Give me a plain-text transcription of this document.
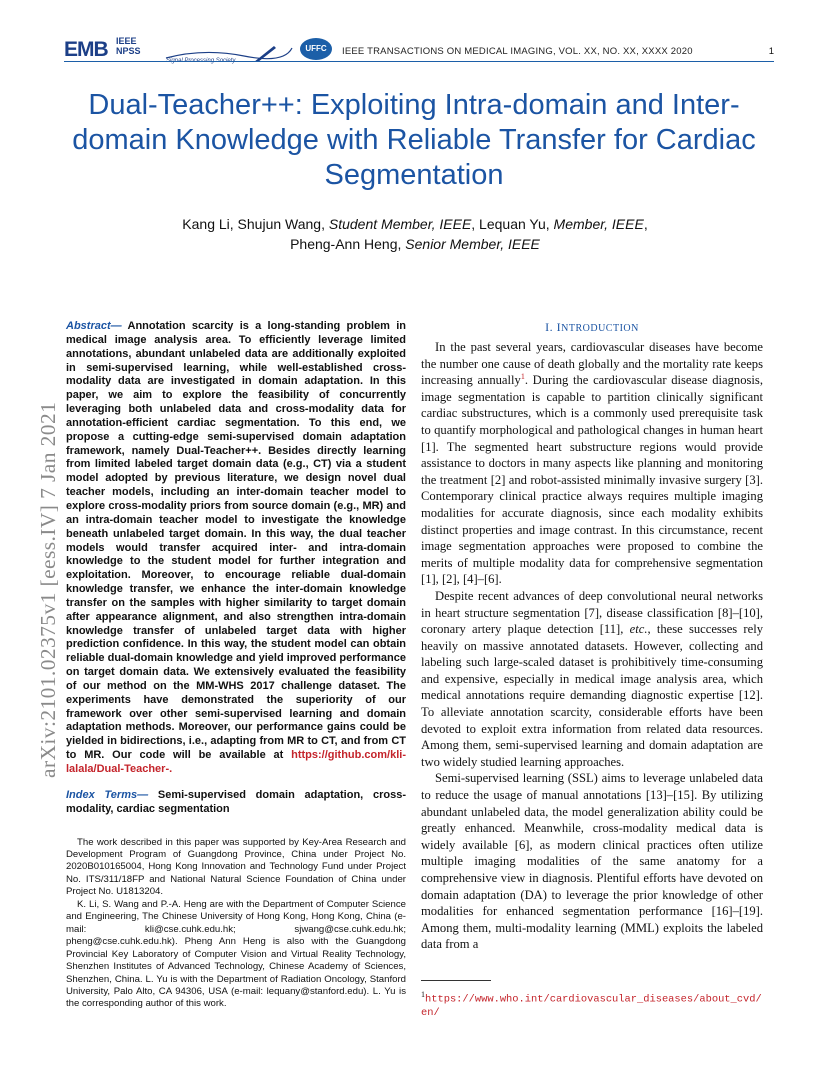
EMB IEEE
NPSS
Signal Processing Society
UFFC	IEEE TRANSACTIONS ON MEDICAL IMAGING, VOL. XX, NO. XX, XXXX 2020	1
Dual-Teacher++: Exploiting Intra-domain and Inter-domain Knowledge with Reliable Transfer for Cardiac Segmentation
Kang Li, Shujun Wang, Student Member, IEEE, Lequan Yu, Member, IEEE,
Pheng-Ann Heng, Senior Member, IEEE
arXiv:2101.02375v1 [eess.IV] 7 Jan 2021

Abstract— Annotation scarcity is a long-standing problem in medical image analysis area. To efficiently leverage limited annotations, abundant unlabeled data are additionally exploited in semi-supervised learning, while well-established cross-modality data are investigated in domain adaptation. In this paper, we aim to explore the feasibility of concurrently leveraging both unlabeled data and cross-modality data for annotation-efficient cardiac segmentation. To this end, we propose a cutting-edge semi-supervised domain adaptation framework, namely Dual-Teacher++. Besides directly learning from limited labeled target domain data (e.g., CT) via a student model adopted by previous literature, we design novel dual teacher models, including an inter-domain teacher model to explore cross-modality priors from source domain (e.g., MR) and an intra-domain teacher model to investigate the knowledge beneath unlabeled target domain. In this way, the dual teacher models would transfer acquired inter- and intra-domain knowledge to the student model for further integration and exploitation. Moreover, to encourage reliable dual-domain knowledge transfer, we enhance the inter-domain knowledge transfer on the samples with higher similarity to target domain after appearance alignment, and also strengthen intra-domain knowledge transfer of unlabeled target data with higher prediction confidence. In this way, the student model can obtain reliable dual-domain knowledge and yield improved performance on target domain data. We extensively evaluated the feasibility of our method on the MM-WHS 2017 challenge dataset. The experiments have demonstrated the superiority of our framework over other semi-supervised learning and domain adaptation methods. Moreover, our performance gains could be yielded in bidirections, i.e., adapting from MR to CT, and from CT to MR. Our code will be available at https://github.com/kli-lalala/Dual-Teacher-.

Index Terms— Semi-supervised domain adaptation, cross-modality, cardiac segmentation

The work described in this paper was supported by Key-Area Research and Development Program of Guangdong Province, China under Project No. 2020B010165004, Hong Kong Innovation and Technology Fund under Project No. ITS/311/18FP and National Natural Science Foundation of China under Project No. U1813204.

K. Li, S. Wang and P.-A. Heng are with the Department of Computer Science and Engineering, The Chinese University of Hong Kong, Hong Kong, China (e-mail: kli@cse.cuhk.edu.hk; sjwang@cse.cuhk.edu.hk; pheng@cse.cuhk.edu.hk). Pheng Ann Heng is also with the Guangdong Provincial Key Laboratory of Computer Vision and Virtual Reality Technology, Shenzhen Institutes of Advanced Technology, Chinese Academy of Sciences, Shenzhen, China. L. Yu is with the Department of Radiation Oncology, Stanford University, Palo Alto, CA 94306, USA (e-mail: lequany@stanford.edu). L. Yu is the corresponding author of this work.

I. INTRODUCTION

In the past several years, cardiovascular diseases have become the number one cause of death globally and the mortality rate keeps increasing annually$^1$. During the cardiovascular disease diagnosis, image segmentation is capable to partition clinically significant cardiac substructures, which is a commonly used prerequisite task to quantify morphological and pathological changes in human heart [1]. The segmented heart substructure regions would provide assistance to doctors in many aspects like planning and monitoring the treatment [2] and robot-assisted minimally invasive surgery [3]. Contemporary clinical practice always requires multiple imaging modalities for accurate diagnosis, since each modality exhibits distinct properties and image contrast. In this circumstance, recent image segmentation approaches were proposed to combine the merits of multiple modality data for comprehensive segmentation [1], [2], [4]–[6].

Despite recent advances of deep convolutional neural networks in heart structure segmentation [7], disease classification [8]–[10], coronary artery plaque detection [11], etc., these successes rely heavily on massive annotated datasets. However, collecting and labeling such large-scaled dataset is prohibitively time-consuming and expensive, especially in medical image analysis area, which medical annotations require demanding diagnostic expertise [12]. To alleviate annotation scarcity, considerable efforts have been devoted to exploit extra information from related data resources. Among them, semi-supervised learning and domain adaptation are two widely studied learning approaches.

Semi-supervised learning (SSL) aims to leverage unlabeled data to reduce the usage of manual annotations [13]–[15]. By utilizing abundant unlabeled data, the model generalization ability could be greatly enhanced. Meanwhile, cross-modality medical data is widely available [6], as modern clinical practices often utilize multiple imaging modalities of the same anatomy for a comprehensive view in diagnosis. Plentiful efforts have devoted on domain adaptation (DA) to leverage the prior knowledge of other modalities for enhanced segmentation performance [16]–[19]. Among them, multi-modality learning (MML) exploits the labeled data from a

$^1$https://www.who.int/cardiovascular_diseases/about_cvd/en/
